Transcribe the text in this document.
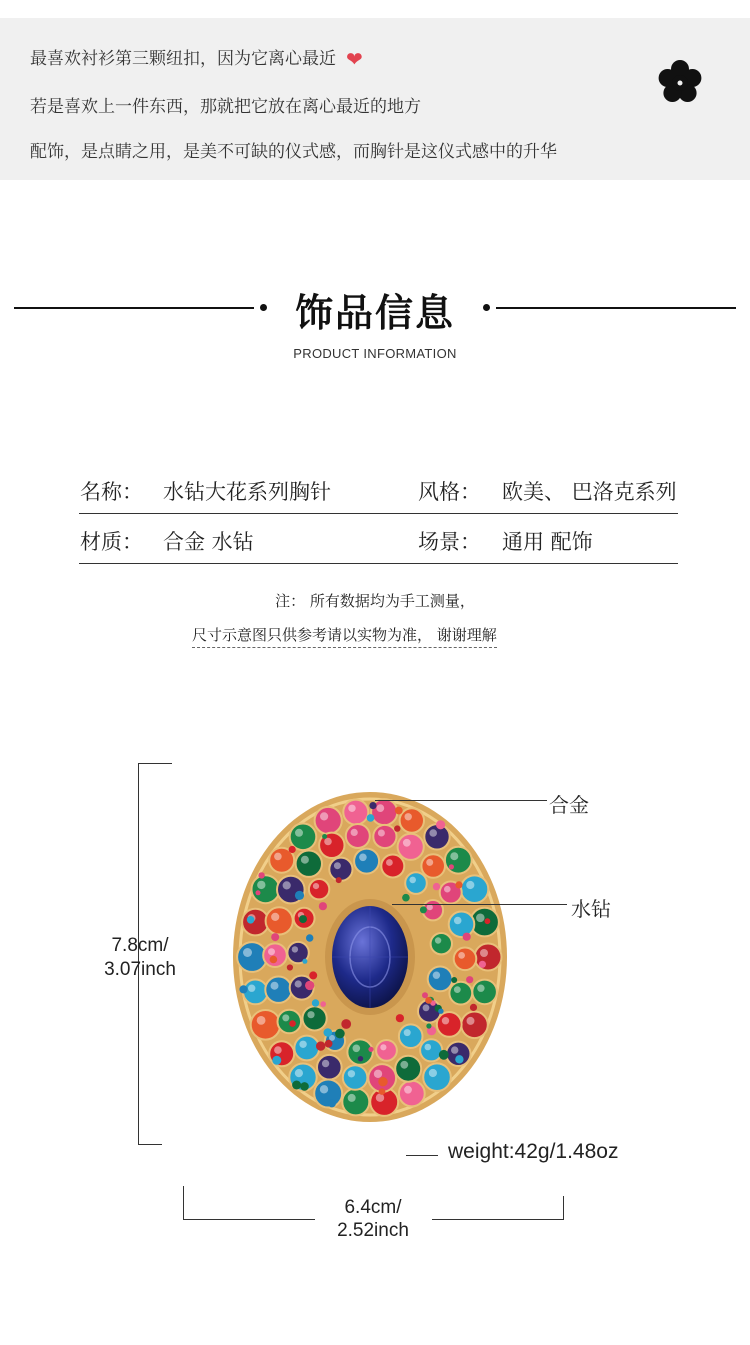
最喜欢衬衫第三颗纽扣，因为它离心最近 ❤
若是喜欢上一件东西，那就把它放在离心最近的地方
配饰，是点睛之用，是美不可缺的仪式感，而胸针是这仪式感中的升华
饰品信息
PRODUCT INFORMATION
名称： 水钻大花系列胸针	风格： 欧美、 巴洛克系列
材质： 合金 水钻	场景： 通用 配饰
注： 所有数据均为手工测量，
尺寸示意图只供参考请以实物为准， 谢谢理解
7.8cm/
3.07inch
6.4cm/
2.52inch
weight:42g/1.48oz
合金
水钻
